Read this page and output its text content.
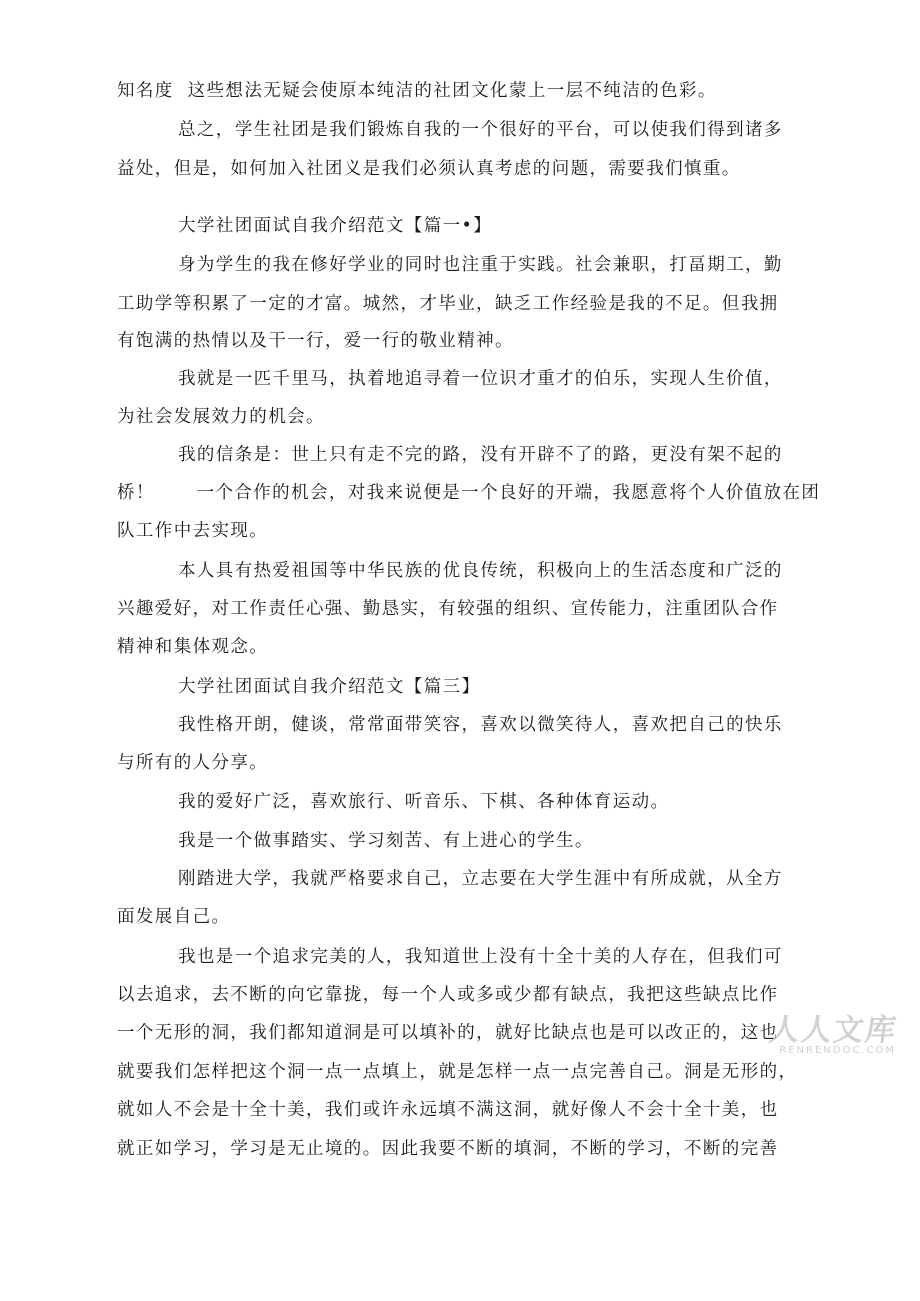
知名度  这些想法无疑会使原本纯洁的社团文化蒙上一层不纯洁的色彩。
总之，学生社团是我们锻炼自我的一个很好的平台，可以使我们得到诸多
益处，但是，如何加入社团义是我们必须认真考虑的问题，需要我们慎重。
大学社团面试自我介绍范文【篇一•】
身为学生的我在修好学业的同时也注重于实践。社会兼职，打畐期工，勤
工助学等积累了一定的才富。城然，才毕业，缺乏工作经验是我的不足。但我拥
有饱满的热情以及干一行，爱一行的敬业精神。
我就是一匹千里马，执着地追寻着一位识才重才的伯乐，实现人生价值，
为社会发展效力的机会。
我的信条是：世上只有走不完的路，没有开辟不了的路，更没有架不起的
桥！      一个合作的机会，对我来说便是一个良好的开端，我愿意将个人价值放在团
队工作中去实现。
本人具有热爱祖国等中华民族的优良传统，积极向上的生活态度和广泛的
兴趣爱好，对工作责任心强、勤恳实，有较强的组织、宣传能力，注重团队合作
精神和集体观念。
大学社团面试自我介绍范文【篇三】
我性格开朗，健谈，常常面带笑容，喜欢以微笑待人，喜欢把自己的快乐
与所有的人分享。
我的爱好广泛，喜欢旅行、听音乐、下棋、各种体育运动。
我是一个做事踏实、学习刻苦、有上进心的学生。
刚踏进大学，我就严格要求自己，立志要在大学生涯中有所成就，从全方
面发展自己。
我也是一个追求完美的人，我知道世上没有十全十美的人存在，但我们可
以去追求，去不断的向它靠拢，每一个人或多或少都有缺点，我把这些缺点比作
一个无形的洞，我们都知道洞是可以填补的，就好比缺点也是可以改正的，这也
就要我们怎样把这个洞一点一点填上，就是怎样一点一点完善自己。洞是无形的，
就如人不会是十全十美，我们或许永远填不满这洞，就好像人不会十全十美，也
就正如学习，学习是无止境的。因此我要不断的填洞，不断的学习，不断的完善
人人文库
RENRENDOC.COM
